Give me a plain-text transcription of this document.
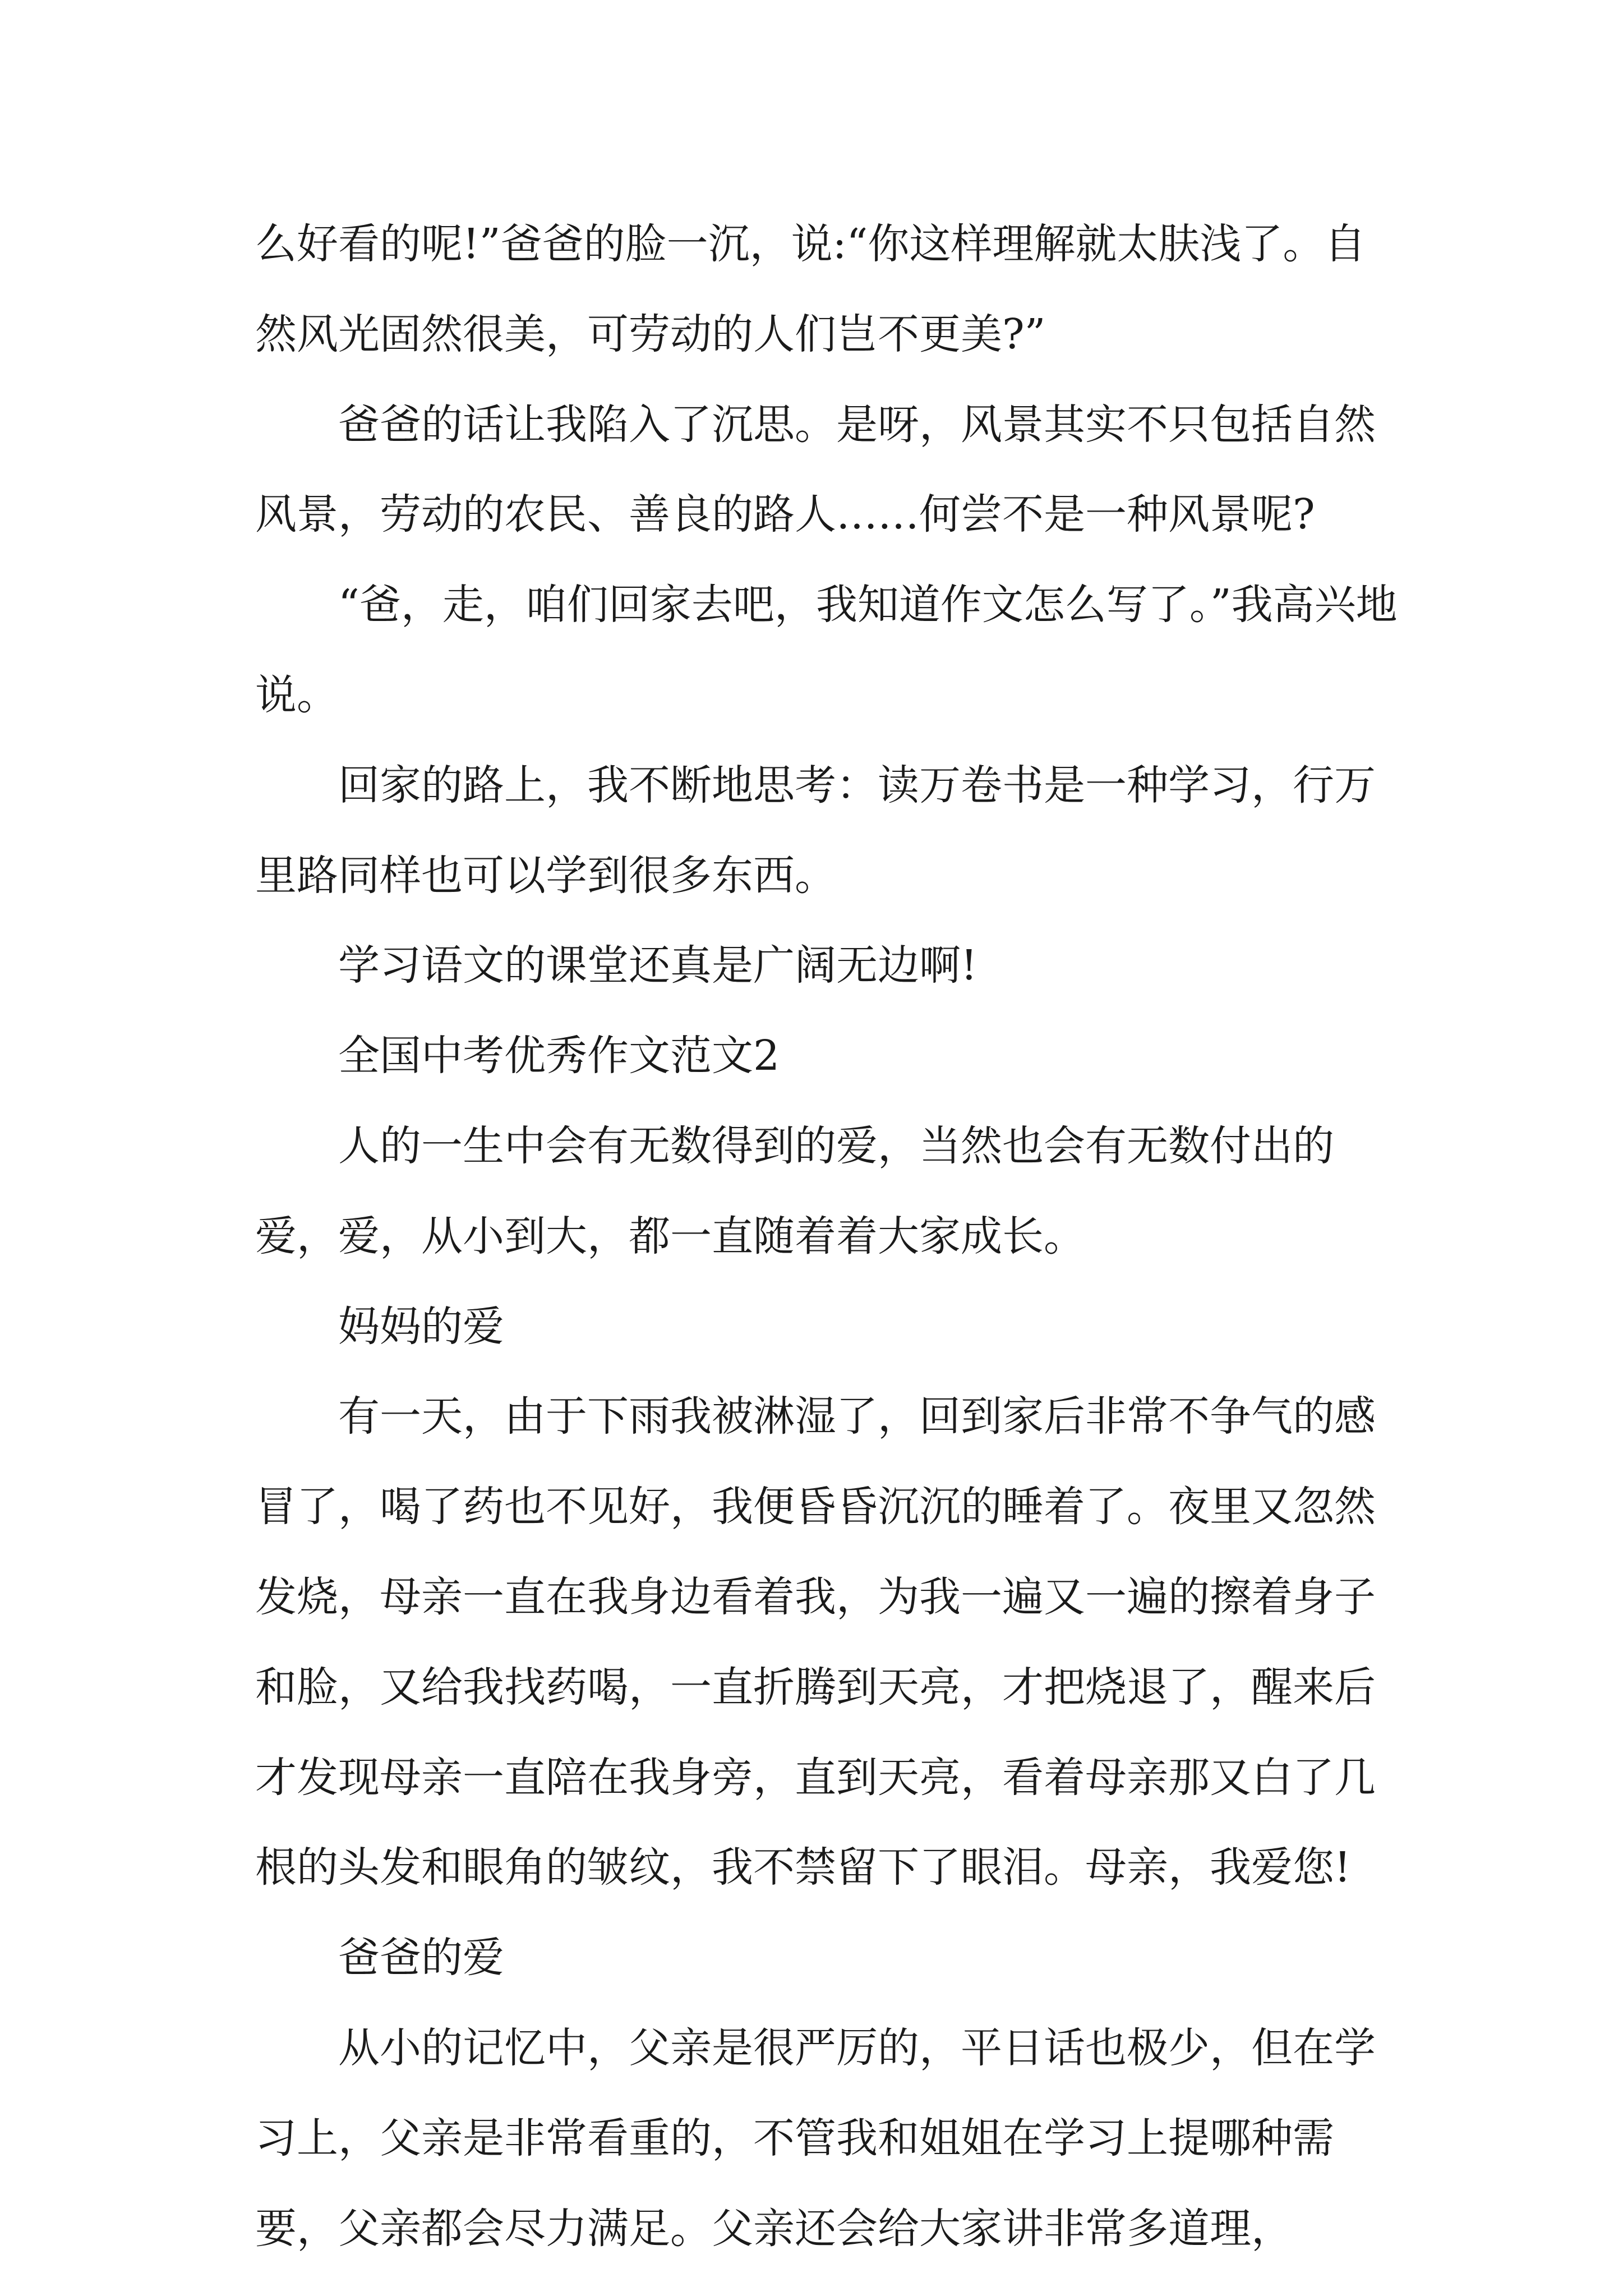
么好看的呢!”爸爸的脸一沉，说:“你这样理解就太肤浅了。自然风光固然很美，可劳动的人们岂不更美?”

爸爸的话让我陷入了沉思。是呀，风景其实不只包括自然风景，劳动的农民、善良的路人……何尝不是一种风景呢?

“爸，走，咱们回家去吧，我知道作文怎么写了。”我高兴地说。

回家的路上，我不断地思考：读万卷书是一种学习，行万里路同样也可以学到很多东西。

学习语文的课堂还真是广阔无边啊!

全国中考优秀作文范文2

人的一生中会有无数得到的爱，当然也会有无数付出的爱，爱，从小到大，都一直随着着大家成长。

妈妈的爱

有一天，由于下雨我被淋湿了，回到家后非常不争气的感冒了，喝了药也不见好，我便昏昏沉沉的睡着了。夜里又忽然发烧，母亲一直在我身边看着我，为我一遍又一遍的擦着身子和脸，又给我找药喝，一直折腾到天亮，才把烧退了，醒来后才发现母亲一直陪在我身旁，直到天亮，看着母亲那又白了几根的头发和眼角的皱纹，我不禁留下了眼泪。母亲，我爱您!

爸爸的爱

从小的记忆中，父亲是很严厉的，平日话也极少，但在学习上，父亲是非常看重的，不管我和姐姐在学习上提哪种需要，父亲都会尽力满足。父亲还会给大家讲非常多道理，
